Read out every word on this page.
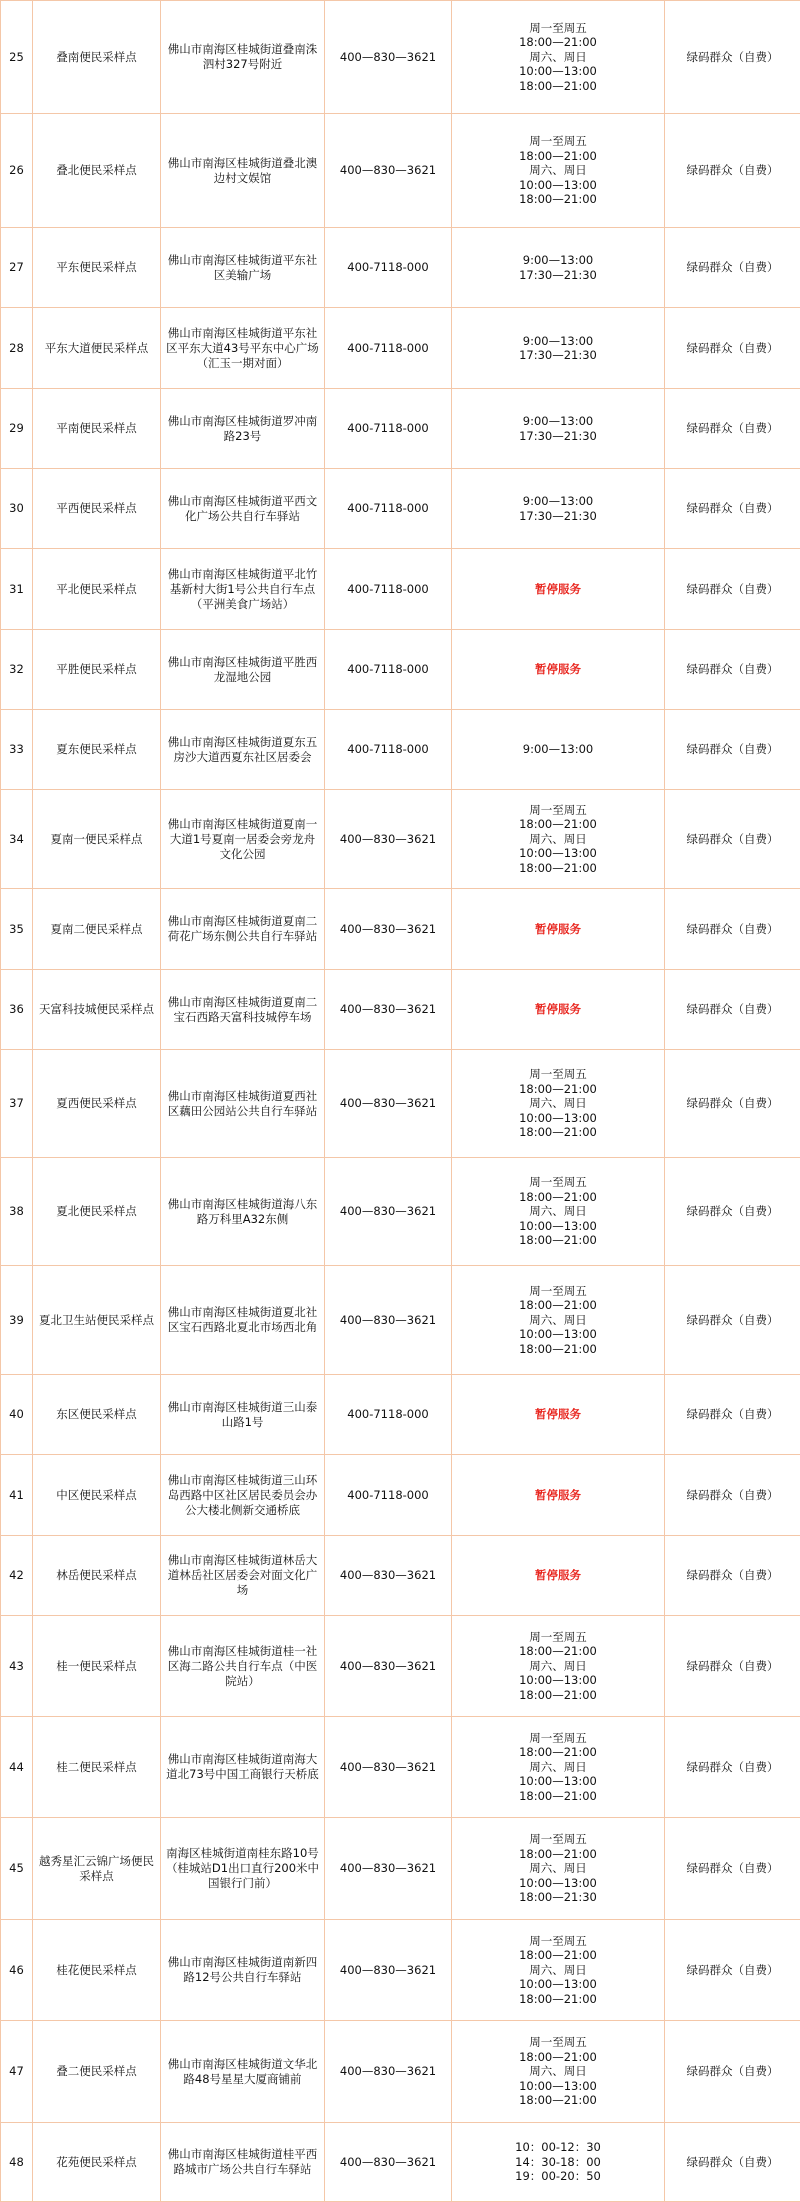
25	叠南便民采样点	佛山市南海区桂城街道叠南洙泗村327号附近	400—830—3621	周一至周五
18:00—21:00
周六、周日
10:00—13:00
18:00—21:00	绿码群众（自费）
26	叠北便民采样点	佛山市南海区桂城街道叠北澳边村文娱馆	400—830—3621	周一至周五
18:00—21:00
周六、周日
10:00—13:00
18:00—21:00	绿码群众（自费）
27	平东便民采样点	佛山市南海区桂城街道平东社区美输广场	400-7118-000	9:00—13:00
17:30—21:30	绿码群众（自费）
28	平东大道便民采样点	佛山市南海区桂城街道平东社区平东大道43号平东中心广场（汇玉一期对面）	400-7118-000	9:00—13:00
17:30—21:30	绿码群众（自费）
29	平南便民采样点	佛山市南海区桂城街道罗冲南路23号	400-7118-000	9:00—13:00
17:30—21:30	绿码群众（自费）
30	平西便民采样点	佛山市南海区桂城街道平西文化广场公共自行车驿站	400-7118-000	9:00—13:00
17:30—21:30	绿码群众（自费）
31	平北便民采样点	佛山市南海区桂城街道平北竹基新村大街1号公共自行车点（平洲美食广场站）	400-7118-000	暂停服务	绿码群众（自费）
32	平胜便民采样点	佛山市南海区桂城街道平胜西龙湿地公园	400-7118-000	暂停服务	绿码群众（自费）
33	夏东便民采样点	佛山市南海区桂城街道夏东五房沙大道西夏东社区居委会	400-7118-000	9:00—13:00	绿码群众（自费）
34	夏南一便民采样点	佛山市南海区桂城街道夏南一大道1号夏南一居委会旁龙舟文化公园	400—830—3621	周一至周五
18:00—21:00
周六、周日
10:00—13:00
18:00—21:00	绿码群众（自费）
35	夏南二便民采样点	佛山市南海区桂城街道夏南二荷花广场东侧公共自行车驿站	400—830—3621	暂停服务	绿码群众（自费）
36	天富科技城便民采样点	佛山市南海区桂城街道夏南二宝石西路天富科技城停车场	400—830—3621	暂停服务	绿码群众（自费）
37	夏西便民采样点	佛山市南海区桂城街道夏西社区藕田公园站公共自行车驿站	400—830—3621	周一至周五
18:00—21:00
周六、周日
10:00—13:00
18:00—21:00	绿码群众（自费）
38	夏北便民采样点	佛山市南海区桂城街道海八东路万科里A32东侧	400—830—3621	周一至周五
18:00—21:00
周六、周日
10:00—13:00
18:00—21:00	绿码群众（自费）
39	夏北卫生站便民采样点	佛山市南海区桂城街道夏北社区宝石西路北夏北市场西北角	400—830—3621	周一至周五
18:00—21:00
周六、周日
10:00—13:00
18:00—21:00	绿码群众（自费）
40	东区便民采样点	佛山市南海区桂城街道三山泰山路1号	400-7118-000	暂停服务	绿码群众（自费）
41	中区便民采样点	佛山市南海区桂城街道三山环岛西路中区社区居民委员会办公大楼北侧新交通桥底	400-7118-000	暂停服务	绿码群众（自费）
42	林岳便民采样点	佛山市南海区桂城街道林岳大道林岳社区居委会对面文化广场	400—830—3621	暂停服务	绿码群众（自费）
43	桂一便民采样点	佛山市南海区桂城街道桂一社区海二路公共自行车点（中医院站）	400—830—3621	周一至周五
18:00—21:00
周六、周日
10:00—13:00
18:00—21:00	绿码群众（自费）
44	桂二便民采样点	佛山市南海区桂城街道南海大道北73号中国工商银行天桥底	400—830—3621	周一至周五
18:00—21:00
周六、周日
10:00—13:00
18:00—21:00	绿码群众（自费）
45	越秀星汇云锦广场便民采样点	南海区桂城街道南桂东路10号（桂城站D1出口直行200米中国银行门前）	400—830—3621	周一至周五
18:00—21:00
周六、周日
10:00—13:00
18:00—21:30	绿码群众（自费）
46	桂花便民采样点	佛山市南海区桂城街道南新四路12号公共自行车驿站	400—830—3621	周一至周五
18:00—21:00
周六、周日
10:00—13:00
18:00—21:00	绿码群众（自费）
47	叠二便民采样点	佛山市南海区桂城街道文华北路48号星星大厦商铺前	400—830—3621	周一至周五
18:00—21:00
周六、周日
10:00—13:00
18:00—21:00	绿码群众（自费）
48	花苑便民采样点	佛山市南海区桂城街道桂平西路城市广场公共自行车驿站	400—830—3621	10：00-12：30
14：30-18：00
19：00-20：50	绿码群众（自费）
